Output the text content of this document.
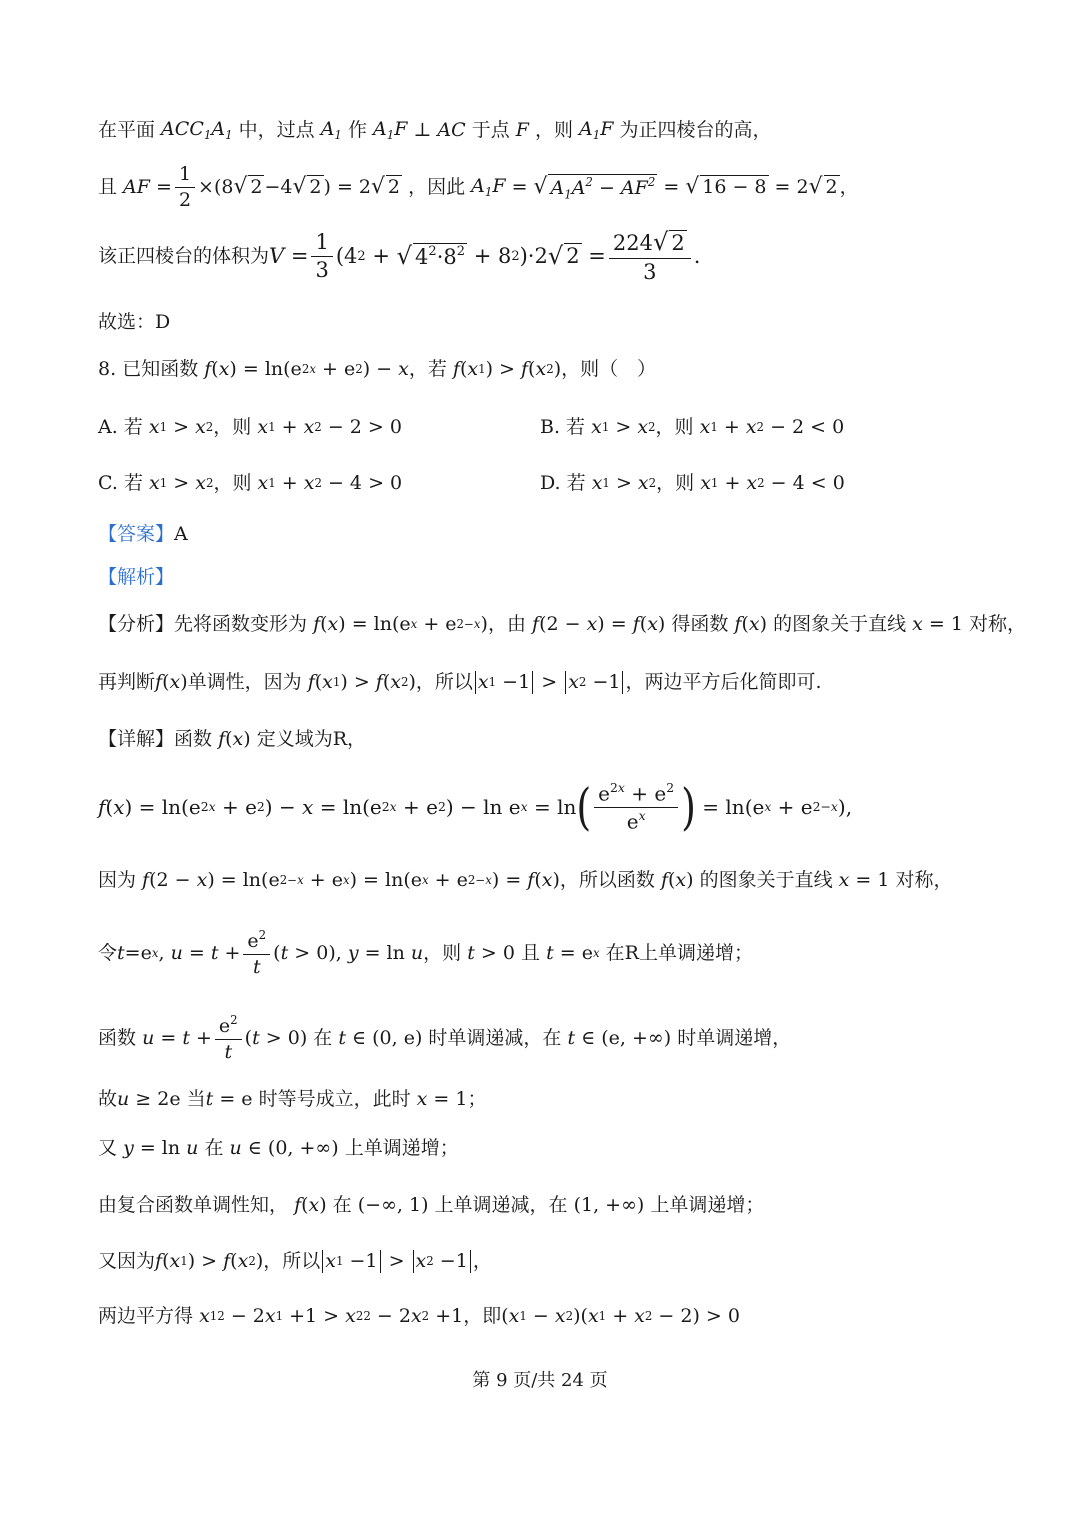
在平面 $ACC_1A_1$ 中，过点 $A_1$ 作 $A_1F$ ⊥ AC 于点 F ，则 $A_1F$ 为正四棱台的高，
且 AF = $\frac{1}{2} \times(8$ √ 2 −4 √ 2 ) = 2 √ 2
，因此 $A_1F$ = √ $A_1A^2 - AF^2$ = √ 16 − 8 = 2 √ 2 ，
该正四棱台的体积为 $V = \frac{1}{3} (4$ 2 + √ $4^2\cdot 8^2 + 8$ 2 )·2 √ $2 = \frac{224√ 2}{3}$ .
故选：D
8.
已知函数 f ( x ) = ln(e 2x + e 2 ) − x ，若 f ( x 1 ) > f ( x 2 ) ，则（　）
A. 若
x 1 > x 2 ，则
x 1 + x 2 − 2 > 0	B. 若
x 1 > x 2 ，则
x 1 + x 2 − 2 < 0
C. 若
x 1 > x 2 ，则
x 1 + x 2 − 4 > 0	D. 若
x 1 > x 2 ，则
x 1 + x 2 − 4 < 0
【答案】 A
【解析】
【分析】 先将函数变形为
f ( x ) = ln(e x + e 2−x ) ，由
f (2 − x ) = f ( x ) 得函数
f ( x ) 的图象关于直线
x = 1 对称，
再判断 f ( x ) 单调性，因为
f ( x 1 ) > f ( x 2 ) ，所以 x 1 −1
> x 2 −1 ，两边平方后化简即可.
【详解】 函数 f ( x ) 定义域为R，
f ( x ) = ln(e 2x + e 2 ) − x = ln(e 2x + e 2 ) − ln e x = ln ( $\frac{e^{2x} + e^2}{e^x}$ ) = ln(e x + e 2−x ),
因为 f (2 − x ) = ln(e 2−x + e x ) = ln(e x + e 2−x ) = f ( x ) ，所以函数 f ( x ) 的图象关于直线
x = 1 对称，
令 t =e x , $u = t + \frac{e^2}{t}$ ( t > 0), y = ln u ，则
t > 0 且
t = e x
在R上单调递增；
函数
$u = t + \frac{e^2}{t}$ ( t > 0) 在
t ∈ (0, e) 时单调递减，在
t ∈ (e, +∞) 时单调递增，
故 u ≥ 2e 当 t = e 时等号成立，此时
x = 1 ；
又
y = ln u
在
u ∈ (0, +∞) 上单调递增；
由复合函数单调性知，
f ( x ) 在 (−∞, 1) 上单调递减，在 (1, +∞) 上单调递增；
又因为 f ( x 1 ) > f ( x 2 ) ，所以 x 1 −1
> x 2 −1 ，
两边平方得
x 1 2 − 2 x 1 +1 > x 2 2 − 2 x 2 +1 ，即 ( x 1 − x 2 )( x 1 + x 2 − 2) > 0
第 9 页/共 24 页
